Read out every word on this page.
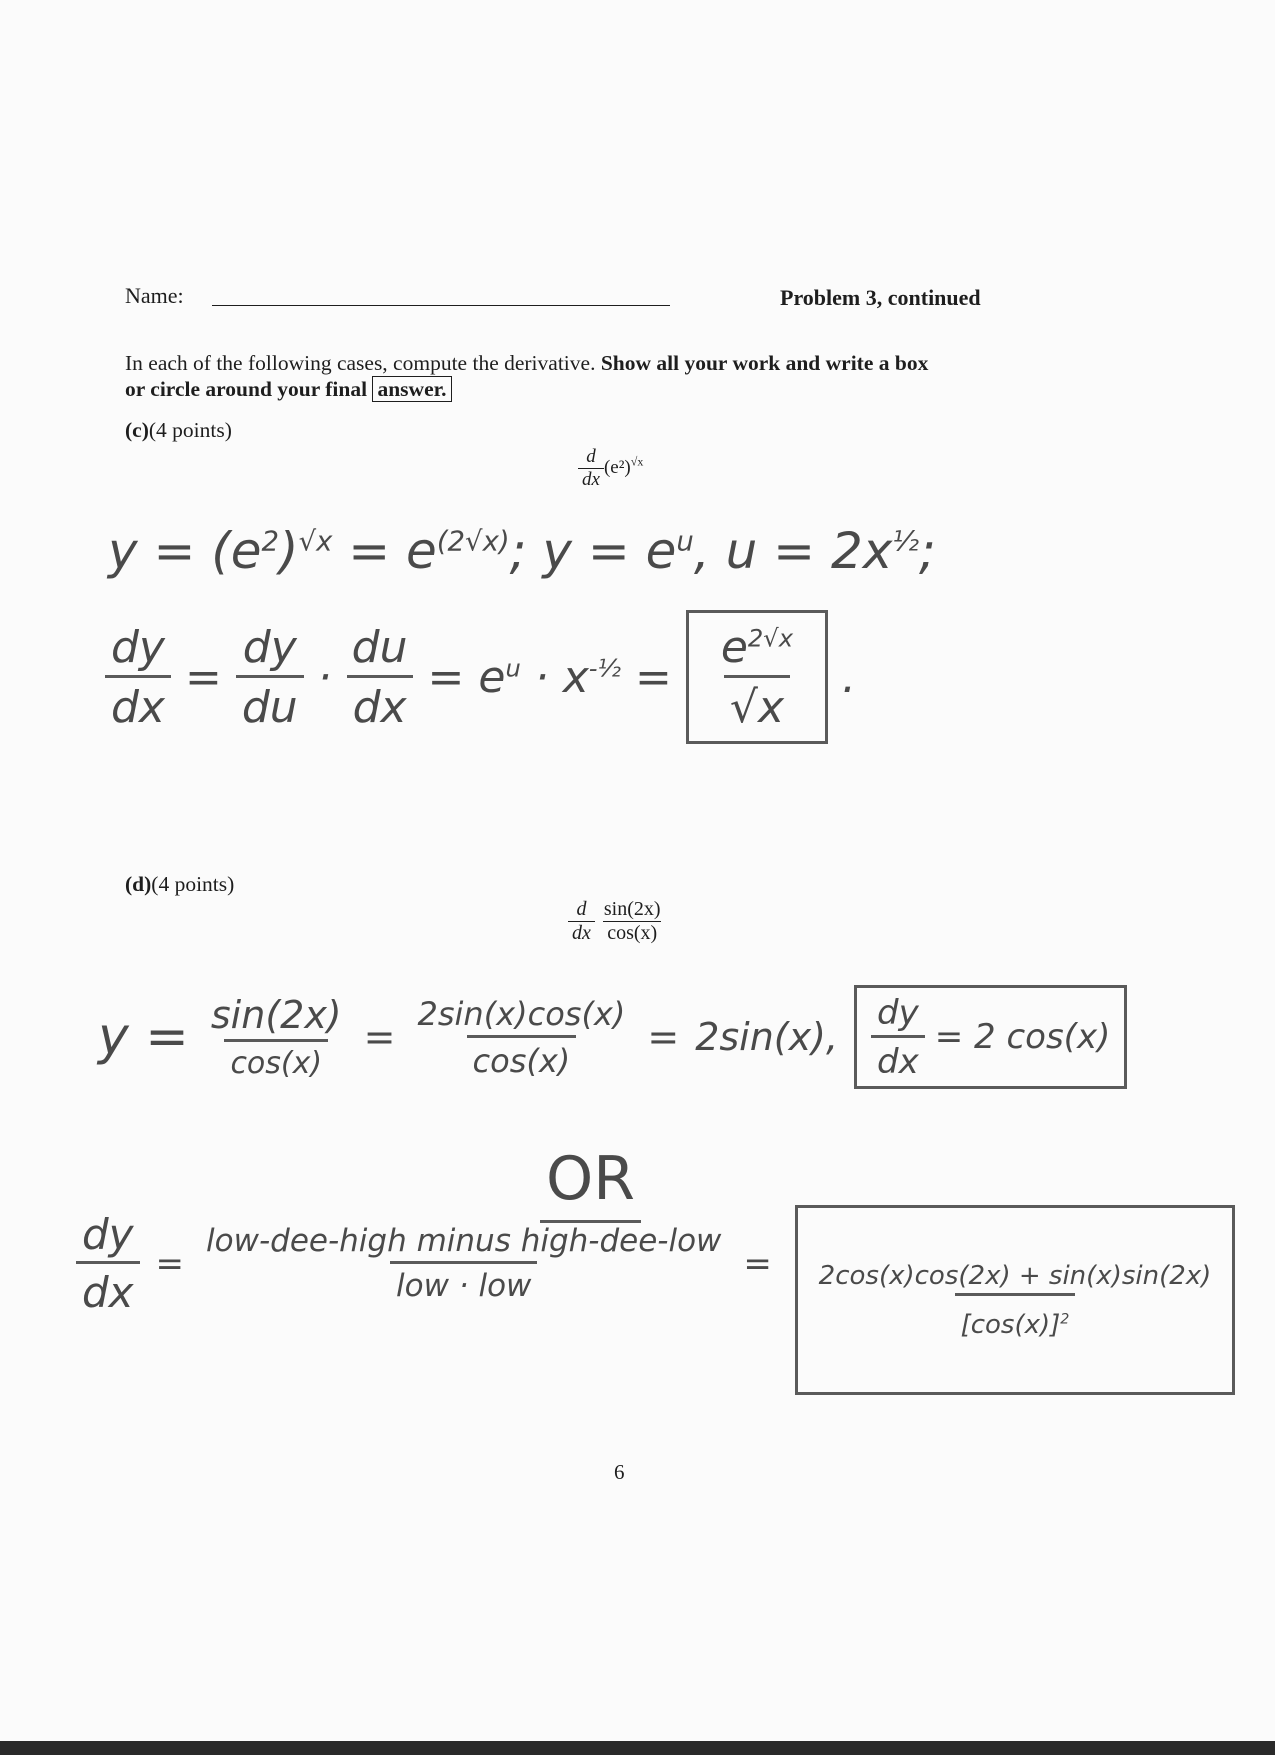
Name:	Problem 3, continued
In each of the following cases, compute the derivative. Show all your work and write a box
or circle around your final answer.
(c)(4 points)
$\frac{d}{dx} (e^2)^{√x}$
$y = (e^2)^{√x} = e^{(2√x)}$; $y = e^u$, $u = 2x^{\frac{1}{2}}$;
$\frac{dy}{dx} = \frac{dy}{du} \cdot \frac{du}{dx} = e^u \cdot x^{-\frac{1}{2}} = \frac{e^{2√x}}{√x}$ .
(d)(4 points)
$\frac{d}{dx}$
$\frac{\sin(2x)}{\cos(x)}$
$y = \frac{\sin(2x)}{\cos(x)} = \frac{2\sin(x)\cos(x)}{\cos(x)} = 2\sin(x)$, $\frac{dy}{dx} = 2$ cos(x)
OR
$\frac{dy}{dx} = \frac{\text{low-dee-high minus high-dee-low}}{\text{low · low}} = \frac{2\cos(x)\cos(2x) + \sin(x)\sin(2x)}{[\cos(x)]^2}$
6
